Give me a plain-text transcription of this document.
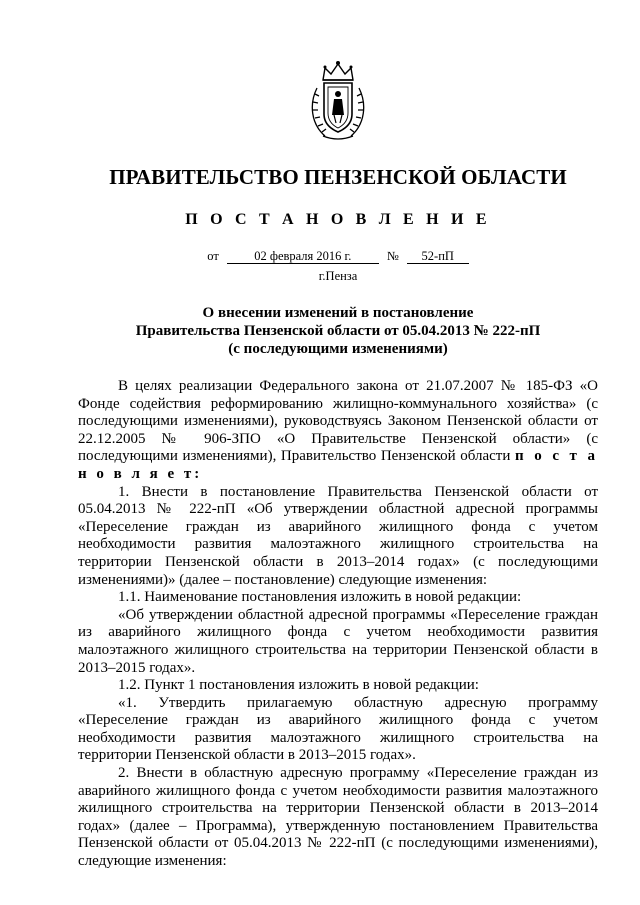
ПРАВИТЕЛЬСТВО ПЕНЗЕНСКОЙ ОБЛАСТИ
П О С Т А Н О В Л Е Н И Е
от	02 февраля 2016 г.	№ 52-пП
г.Пенза
О внесении изменений в постановление
Правительства Пензенской области от 05.04.2013 № 222-пП
(с последующими изменениями)

В целях реализации Федерального закона от 21.07.2007 № 185-ФЗ «О Фонде содействия реформированию жилищно-коммунального хозяйства» (с последующими изменениями), руководствуясь Законом Пензенской области от 22.12.2005 № 906-ЗПО «О Правительстве Пензенской области» (с последующими изменениями), Правительство Пензенской области п о с т а н о в л я е т:

1. Внести в постановление Правительства Пензенской области от 05.04.2013 № 222-пП «Об утверждении областной адресной программы «Переселение граждан из аварийного жилищного фонда с учетом необходимости развития малоэтажного жилищного строительства на территории Пензенской области в 2013–2014 годах» (с последующими изменениями)» (далее – постановление) следующие изменения:

1.1. Наименование постановления изложить в новой редакции:

«Об утверждении областной адресной программы «Переселение граждан из аварийного жилищного фонда с учетом необходимости развития малоэтажного жилищного строительства на территории Пензенской области в 2013–2015 годах».

1.2. Пункт 1 постановления изложить в новой редакции:

«1. Утвердить прилагаемую областную адресную программу «Переселение граждан из аварийного жилищного фонда с учетом необходимости развития малоэтажного жилищного строительства на территории Пензенской области в 2013–2015 годах».

2. Внести в областную адресную программу «Переселение граждан из аварийного жилищного фонда с учетом необходимости развития малоэтажного жилищного строительства на территории Пензенской области в 2013–2014 годах» (далее – Программа), утвержденную постановлением Правительства Пензенской области от 05.04.2013 № 222-пП (с последующими изменениями), следующие изменения:
